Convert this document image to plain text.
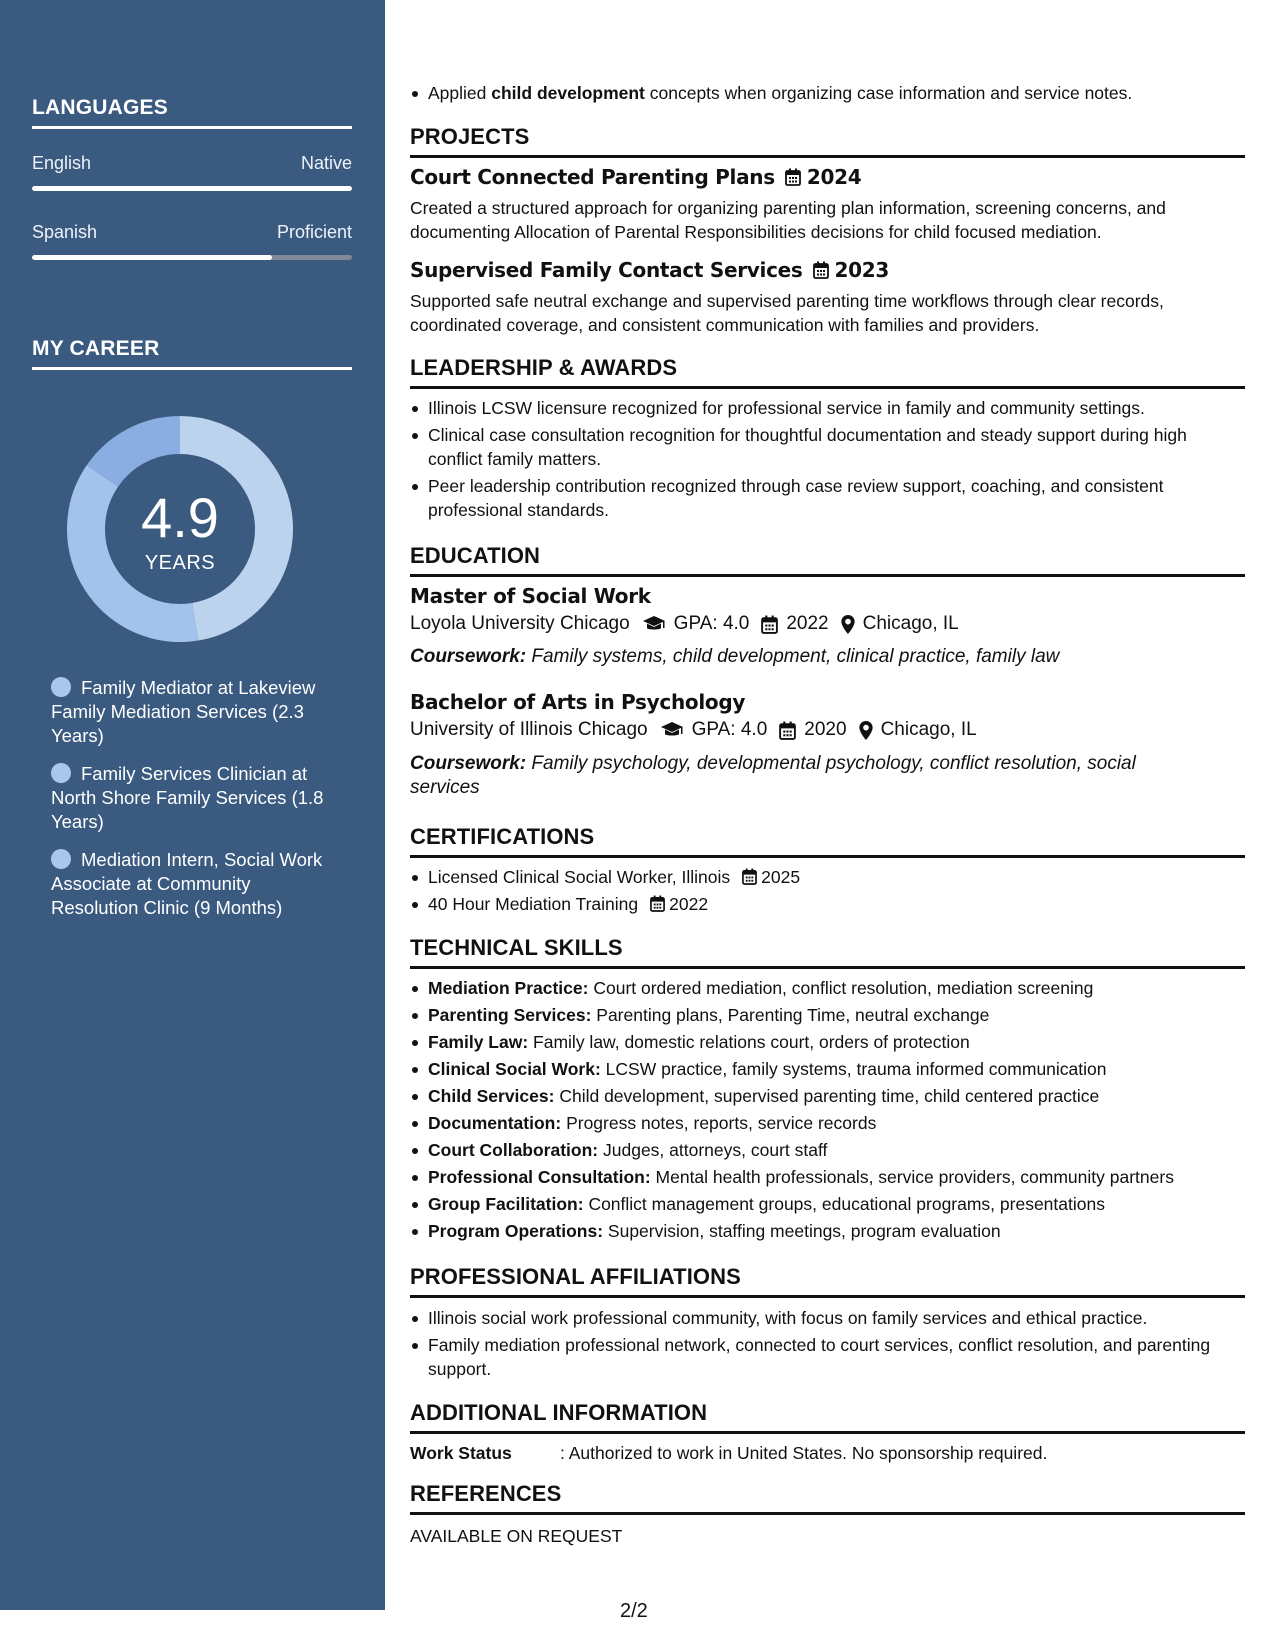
LANGUAGES
English	Native
Spanish	Proficient
MY CAREER
4.9
YEARS
Family Mediator at Lakeview Family Mediation Services (2.3 Years)
Family Services Clinician at North Shore Family Services (1.8 Years)
Mediation Intern, Social Work Associate at Community Resolution Clinic (9 Months)
Applied child development concepts when organizing case information and service notes.
PROJECTS
Court Connected Parenting Plans 2024
Created a structured approach for organizing parenting plan information, screening concerns, and documenting Allocation of Parental Responsibilities decisions for child focused mediation.
Supervised Family Contact Services 2023
Supported safe neutral exchange and supervised parenting time workflows through clear records, coordinated coverage, and consistent communication with families and providers.
LEADERSHIP & AWARDS
Illinois LCSW licensure recognized for professional service in family and community settings.
Clinical case consultation recognition for thoughtful documentation and steady support during high conflict family matters.
Peer leadership contribution recognized through case review support, coaching, and consistent professional standards.
EDUCATION
Master of Social Work
Loyola University Chicago GPA: 4.0 2022 Chicago, IL
Coursework: Family systems, child development, clinical practice, family law
Bachelor of Arts in Psychology
University of Illinois Chicago GPA: 4.0 2020 Chicago, IL
Coursework: Family psychology, developmental psychology, conflict resolution, social services
CERTIFICATIONS
Licensed Clinical Social Worker, Illinois 2025
40 Hour Mediation Training 2022
TECHNICAL SKILLS
Mediation Practice: Court ordered mediation, conflict resolution, mediation screening
Parenting Services: Parenting plans, Parenting Time, neutral exchange
Family Law: Family law, domestic relations court, orders of protection
Clinical Social Work: LCSW practice, family systems, trauma informed communication
Child Services: Child development, supervised parenting time, child centered practice
Documentation: Progress notes, reports, service records
Court Collaboration: Judges, attorneys, court staff
Professional Consultation: Mental health professionals, service providers, community partners
Group Facilitation: Conflict management groups, educational programs, presentations
Program Operations: Supervision, staffing meetings, program evaluation
PROFESSIONAL AFFILIATIONS
Illinois social work professional community, with focus on family services and ethical practice.
Family mediation professional network, connected to court services, conflict resolution, and parenting support.
ADDITIONAL INFORMATION
Work Status	: Authorized to work in United States. No sponsorship required.
REFERENCES
AVAILABLE ON REQUEST
2/2
